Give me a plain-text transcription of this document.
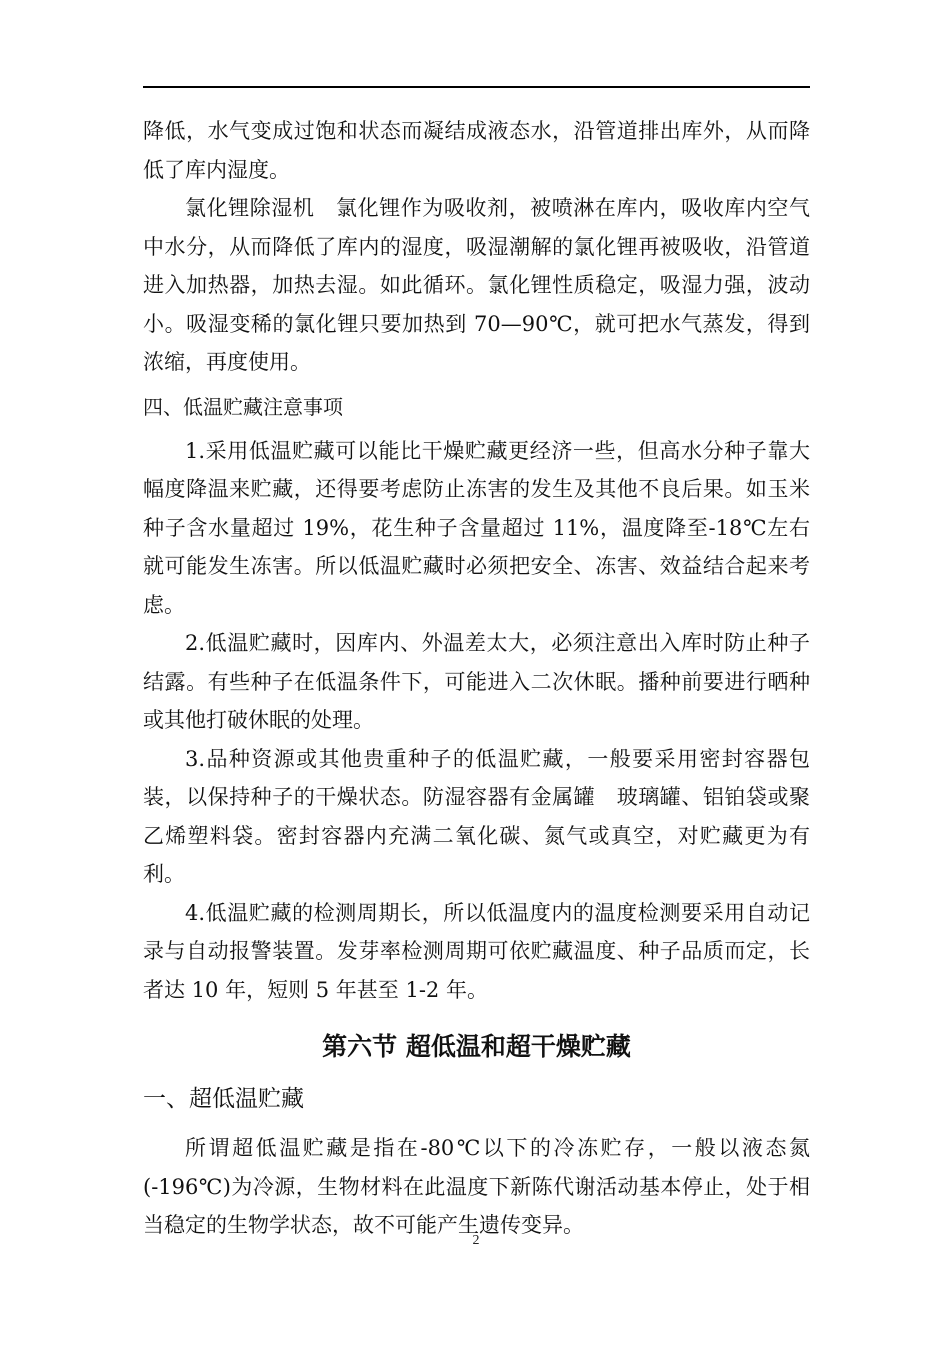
降低，水气变成过饱和状态而凝结成液态水，沿管道排出库外，从而降低了库内湿度。

氯化锂除湿机　氯化锂作为吸收剂，被喷淋在库内，吸收库内空气中水分，从而降低了库内的湿度，吸湿潮解的氯化锂再被吸收，沿管道进入加热器，加热去湿。如此循环。氯化锂性质稳定，吸湿力强，波动小。吸湿变稀的氯化锂只要加热到 70—90℃，就可把水气蒸发，得到浓缩，再度使用。

四、低温贮藏注意事项

1.采用低温贮藏可以能比干燥贮藏更经济一些，但高水分种子靠大幅度降温来贮藏，还得要考虑防止冻害的发生及其他不良后果。如玉米种子含水量超过 19%，花生种子含量超过 11%，温度降至-18℃左右就可能发生冻害。所以低温贮藏时必须把安全、冻害、效益结合起来考虑。

2.低温贮藏时，因库内、外温差太大，必须注意出入库时防止种子结露。有些种子在低温条件下，可能进入二次休眠。播种前要进行晒种或其他打破休眠的处理。

3.品种资源或其他贵重种子的低温贮藏，一般要采用密封容器包装，以保持种子的干燥状态。防湿容器有金属罐　玻璃罐、铝铂袋或聚乙烯塑料袋。密封容器内充满二氧化碳、氮气或真空，对贮藏更为有利。

4.低温贮藏的检测周期长，所以低温度内的温度检测要采用自动记录与自动报警装置。发芽率检测周期可依贮藏温度、种子品质而定，长者达 10 年，短则 5 年甚至 1-2 年。

第六节 超低温和超干燥贮藏
一、超低温贮藏

所谓超低温贮藏是指在-80℃以下的冷冻贮存，一般以液态氮(-196℃)为冷源，生物材料在此温度下新陈代谢活动基本停止，处于相当稳定的生物学状态，故不可能产生遗传变异。

2
